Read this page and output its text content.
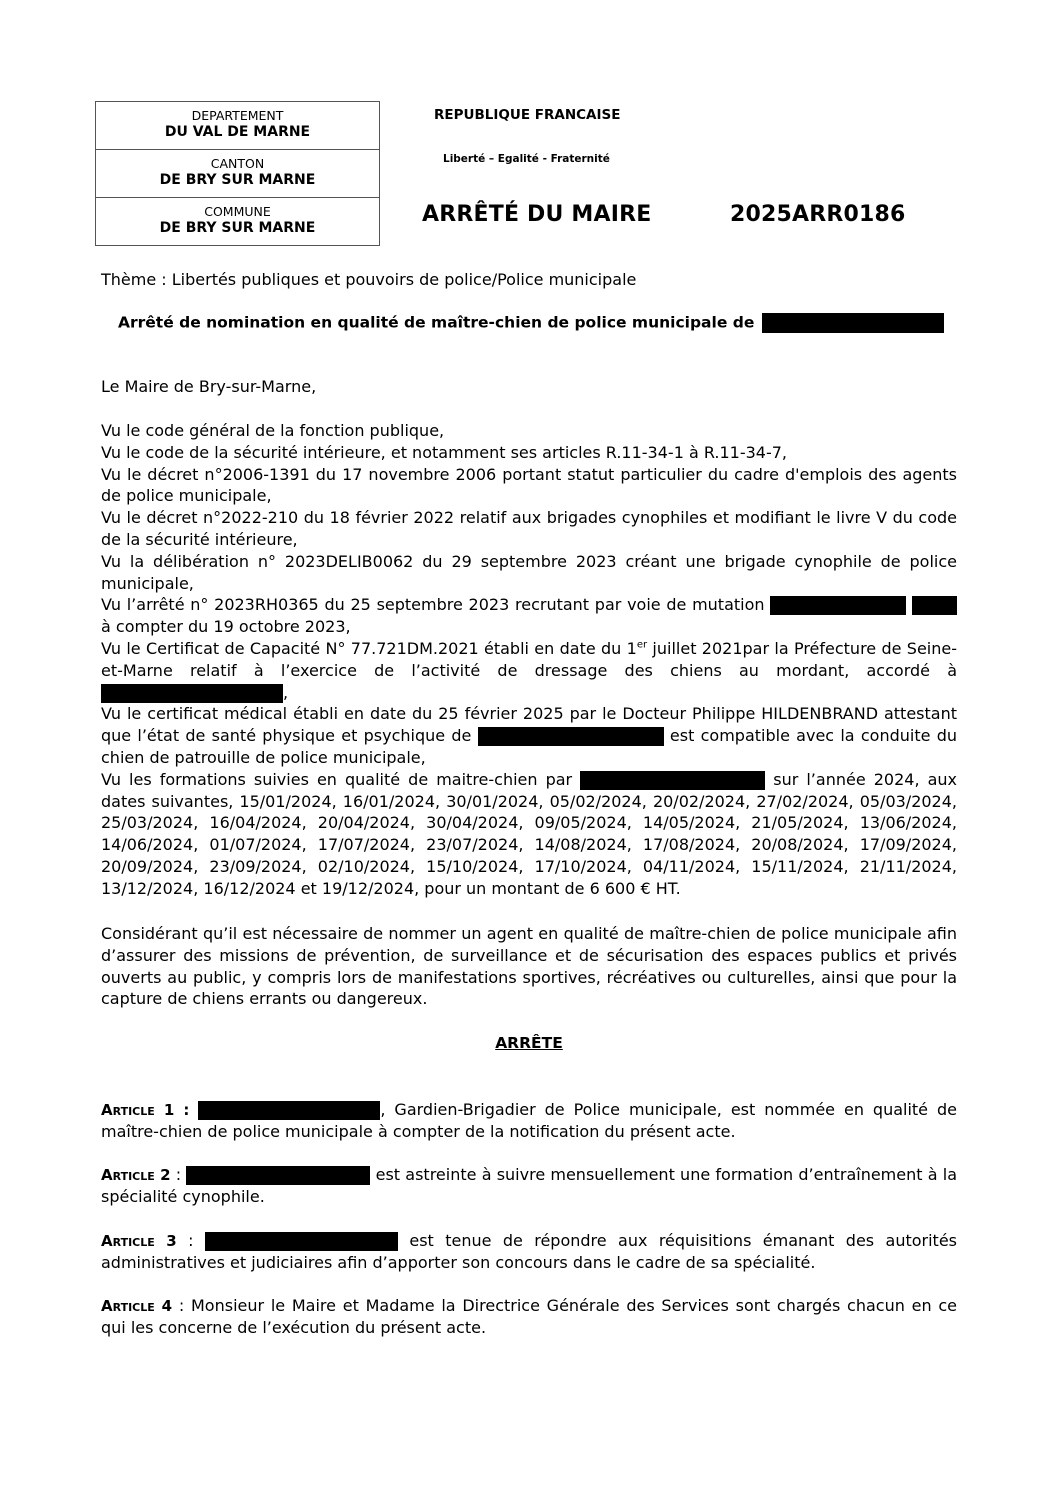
DEPARTEMENT
DU VAL DE MARNE
CANTON
DE BRY SUR MARNE
COMMUNE
DE BRY SUR MARNE
REPUBLIQUE FRANCAISE
Liberté – Egalité - Fraternité
ARRÊTÉ DU MAIRE	2025ARR0186
Thème : Libertés publiques et pouvoirs de police/Police municipale
Arrêté de nomination en qualité de maître-chien de police municipale de
Le Maire de Bry-sur-Marne,

Vu le code général de la fonction publique,

Vu le code de la sécurité intérieure, et notamment ses articles R.11-34-1 à R.11-34-7,

Vu le décret n°2006-1391 du 17 novembre 2006 portant statut particulier du cadre d'emplois des agents de police municipale,

Vu le décret n°2022-210 du 18 février 2022 relatif aux brigades cynophiles et modifiant le livre V du code de la sécurité intérieure,

Vu la délibération n° 2023DELIB0062 du 29 septembre 2023 créant une brigade cynophile de police municipale,

Vu l’arrêté n° 2023RH0365 du 25 septembre 2023 recrutant par voie de mutation   à compter du 19 octobre 2023,

Vu le Certificat de Capacité N° 77.721DM.2021 établi en date du 1er juillet 2021par la Préfecture de Seine-et-Marne relatif à l’exercice de l’activité de dressage des chiens au mordant, accordé à ,

Vu le certificat médical établi en date du 25 février 2025 par le Docteur Philippe HILDENBRAND attestant que l’état de santé physique et psychique de	est compatible avec la conduite du chien de patrouille de police municipale,

Vu les formations suivies en qualité de maitre-chien par	sur l’année 2024, aux dates suivantes, 15/01/2024, 16/01/2024, 30/01/2024, 05/02/2024, 20/02/2024, 27/02/2024, 05/03/2024, 25/03/2024, 16/04/2024, 20/04/2024, 30/04/2024, 09/05/2024, 14/05/2024, 21/05/2024, 13/06/2024, 14/06/2024, 01/07/2024, 17/07/2024, 23/07/2024, 14/08/2024, 17/08/2024, 20/08/2024, 17/09/2024, 20/09/2024, 23/09/2024, 02/10/2024, 15/10/2024, 17/10/2024, 04/11/2024, 15/11/2024, 21/11/2024, 13/12/2024, 16/12/2024 et 19/12/2024, pour un montant de 6 600 € HT.

Considérant qu’il est nécessaire de nommer un agent en qualité de maître-chien de police municipale afin d’assurer des missions de prévention, de surveillance et de sécurisation des espaces publics et privés ouverts au public, y compris lors de manifestations sportives, récréatives ou culturelles, ainsi que pour la capture de chiens errants ou dangereux.
ARRÊTE
Article 1 :	, Gardien-Brigadier de Police municipale, est nommée en qualité de maître-chien de police municipale à compter de la notification du présent acte.
Article 2 :	est astreinte à suivre mensuellement une formation d’entraînement à la spécialité cynophile.
Article 3 :	est tenue de répondre aux réquisitions émanant des autorités administratives et judiciaires afin d’apporter son concours dans le cadre de sa spécialité.
Article 4 : Monsieur le Maire et Madame la Directrice Générale des Services sont chargés chacun en ce qui les concerne de l’exécution du présent acte.
